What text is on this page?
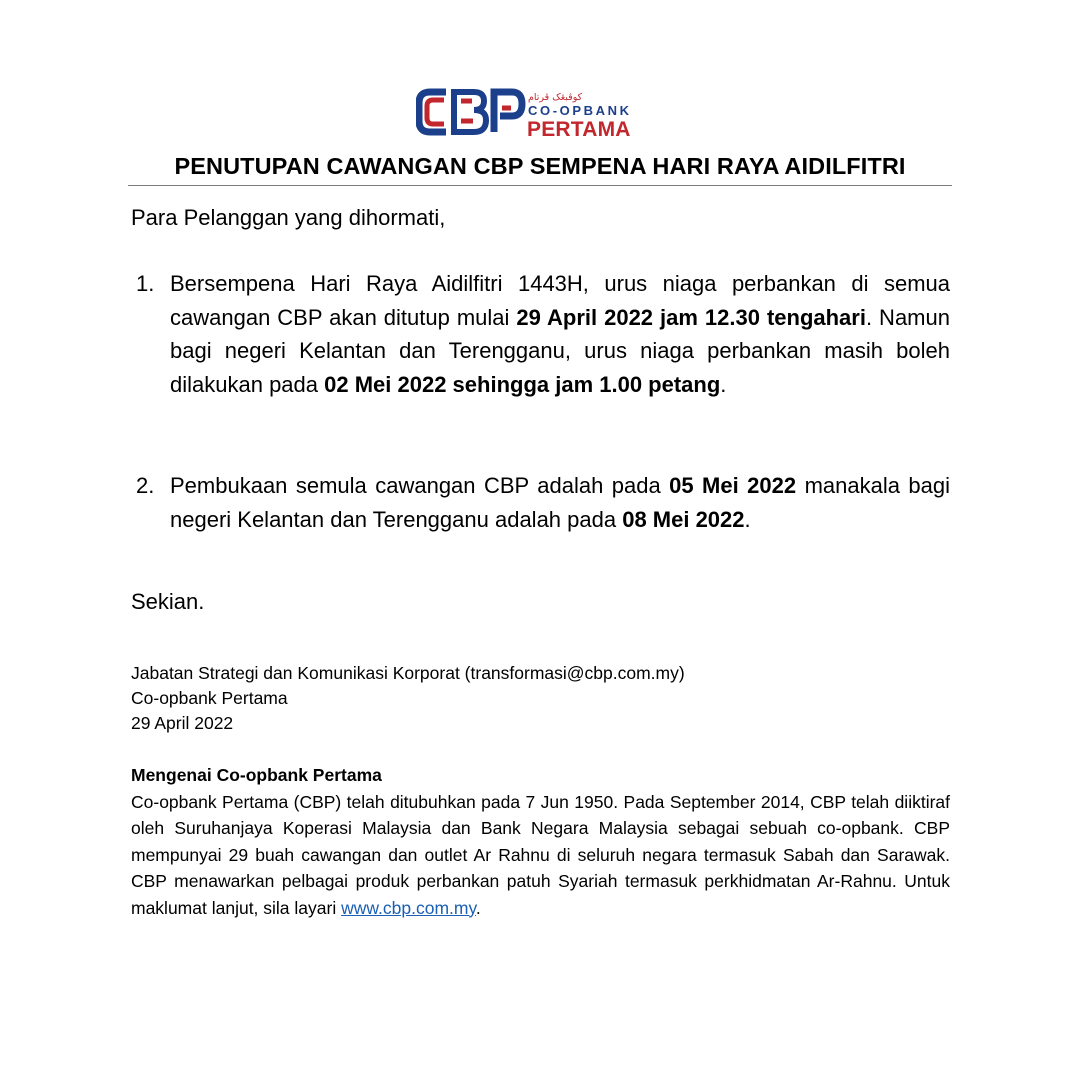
کوڤبڠک ڤرتام
CO-OPBANK
PERTAMA
PENUTUPAN CAWANGAN CBP SEMPENA HARI RAYA AIDILFITRI
Para Pelanggan yang dihormati,
1. Bersempena Hari Raya Aidilfitri 1443H, urus niaga perbankan di semua cawangan CBP akan ditutup mulai 29 April 2022 jam 12.30 tengahari. Namun bagi negeri Kelantan dan Terengganu, urus niaga perbankan masih boleh dilakukan pada 02 Mei 2022 sehingga jam 1.00 petang.
2. Pembukaan semula cawangan CBP adalah pada 05 Mei 2022 manakala bagi negeri Kelantan dan Terengganu adalah pada 08 Mei 2022.
Sekian.
Jabatan Strategi dan Komunikasi Korporat (transformasi@cbp.com.my)
Co-opbank Pertama
29 April 2022
Mengenai Co-opbank Pertama
Co-opbank Pertama (CBP) telah ditubuhkan pada 7 Jun 1950. Pada September 2014, CBP telah diiktiraf oleh Suruhanjaya Koperasi Malaysia dan Bank Negara Malaysia sebagai sebuah co-opbank. CBP mempunyai 29 buah cawangan dan outlet Ar Rahnu di seluruh negara termasuk Sabah dan Sarawak. CBP menawarkan pelbagai produk perbankan patuh Syariah termasuk perkhidmatan Ar-Rahnu. Untuk maklumat lanjut, sila layari www.cbp.com.my.
